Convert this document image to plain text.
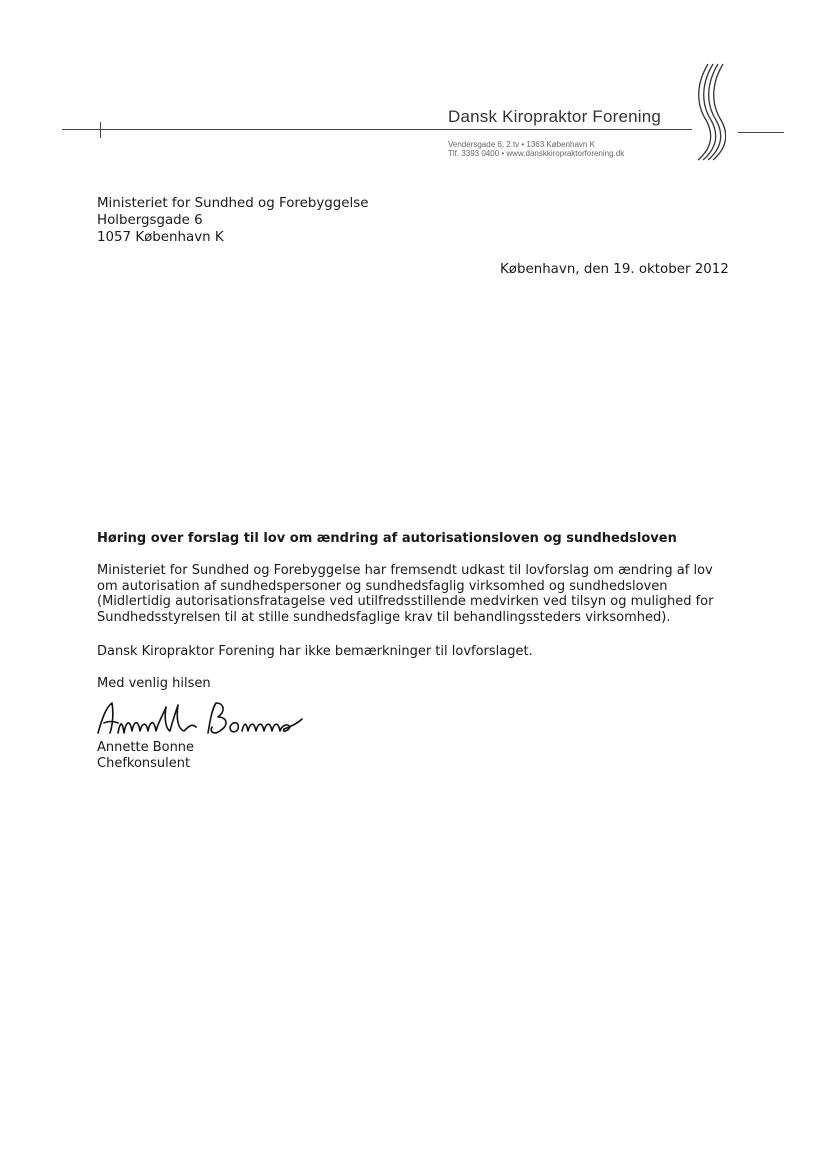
Dansk Kiropraktor Forening
Vendersgade 6, 2.tv • 1363 København K
Tlf. 3393 0400 • www.danskkiropraktorforening.dk
Ministeriet for Sundhed og Forebyggelse
Holbergsgade 6
1057 København K
København, den 19. oktober 2012
Høring over forslag til lov om ændring af autorisationsloven og sundhedsloven
Ministeriet for Sundhed og Forebyggelse har fremsendt udkast til lovforslag om ændring af lov
om autorisation af sundhedspersoner og sundhedsfaglig virksomhed og sundhedsloven
(Midlertidig autorisationsfratagelse ved utilfredsstillende medvirken ved tilsyn og mulighed for
Sundhedsstyrelsen til at stille sundhedsfaglige krav til behandlingssteders virksomhed).
Dansk Kiropraktor Forening har ikke bemærkninger til lovforslaget.
Med venlig hilsen
Annette Bonne
Chefkonsulent
